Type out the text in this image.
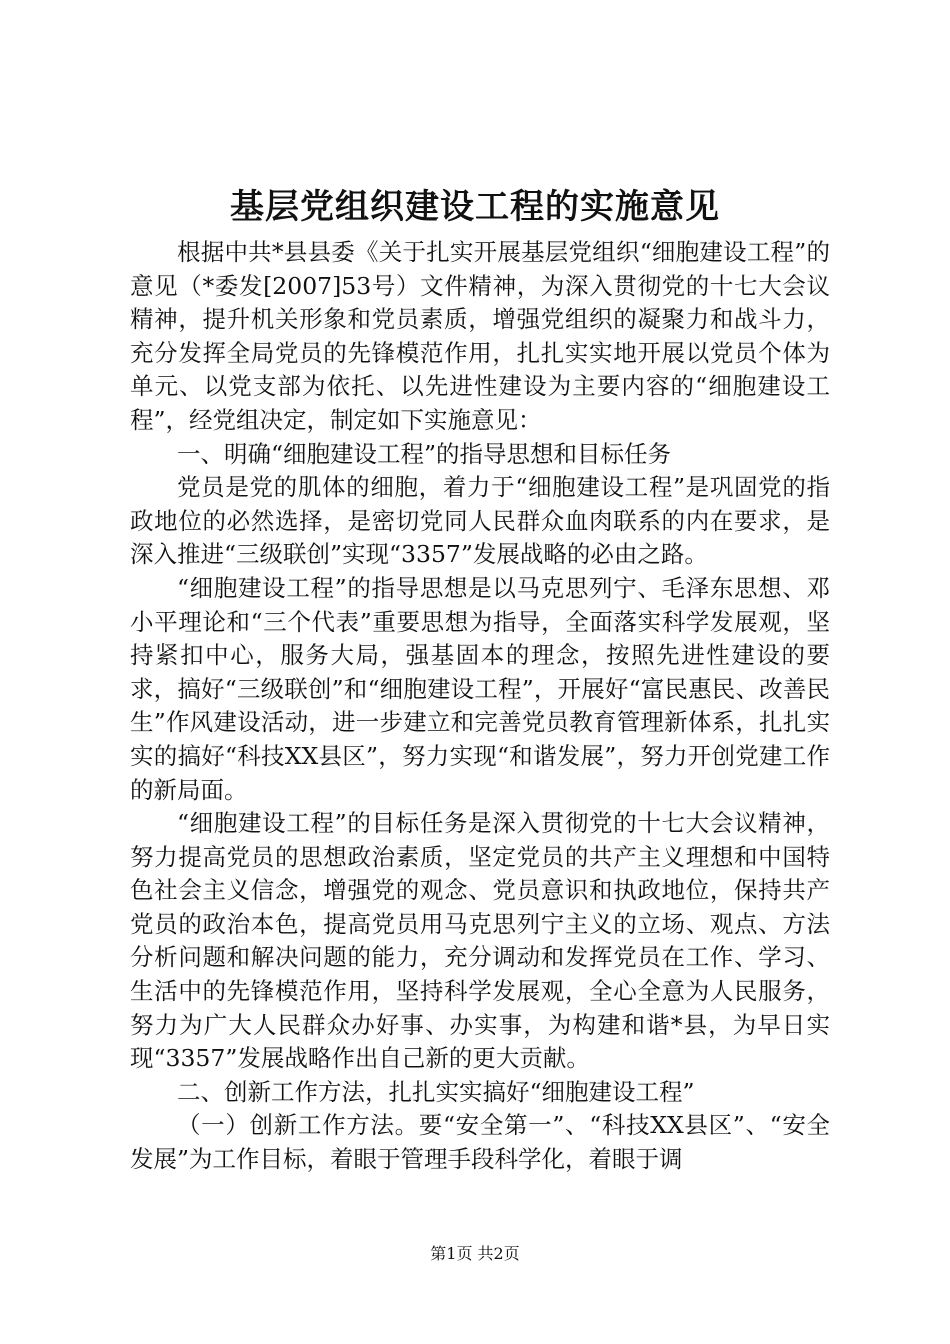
基层党组织建设工程的实施意见

根据中共*县县委《关于扎实开展基层党组织“细胞建设工程”的意见（*委发[2007]53号）文件精神，为深入贯彻党的十七大会议精神，提升机关形象和党员素质，增强党组织的凝聚力和战斗力，充分发挥全局党员的先锋模范作用，扎扎实实地开展以党员个体为单元、以党支部为依托、以先进性建设为主要内容的“细胞建设工程”，经党组决定，制定如下实施意见：

一、明确“细胞建设工程”的指导思想和目标任务

党员是党的肌体的细胞，着力于“细胞建设工程”是巩固党的指政地位的必然选择，是密切党同人民群众血肉联系的内在要求，是深入推进“三级联创”实现“3357”发展战略的必由之路。

“细胞建设工程”的指导思想是以马克思列宁、毛泽东思想、邓小平理论和“三个代表”重要思想为指导，全面落实科学发展观，坚持紧扣中心，服务大局，强基固本的理念，按照先进性建设的要求，搞好“三级联创”和“细胞建设工程”，开展好“富民惠民、改善民生”作风建设活动，进一步建立和完善党员教育管理新体系，扎扎实实的搞好“科技XX县区”，努力实现“和谐发展”，努力开创党建工作的新局面。

“细胞建设工程”的目标任务是深入贯彻党的十七大会议精神，努力提高党员的思想政治素质，坚定党员的共产主义理想和中国特色社会主义信念，增强党的观念、党员意识和执政地位，保持共产党员的政治本色，提高党员用马克思列宁主义的立场、观点、方法分析问题和解决问题的能力，充分调动和发挥党员在工作、学习、生活中的先锋模范作用，坚持科学发展观，全心全意为人民服务，努力为广大人民群众办好事、办实事，为构建和谐*县，为早日实现“3357”发展战略作出自己新的更大贡献。

二、创新工作方法，扎扎实实搞好“细胞建设工程”

（一）创新工作方法。要“安全第一”、“科技XX县区”、“安全发展”为工作目标，着眼于管理手段科学化，着眼于调

第1页 共2页
